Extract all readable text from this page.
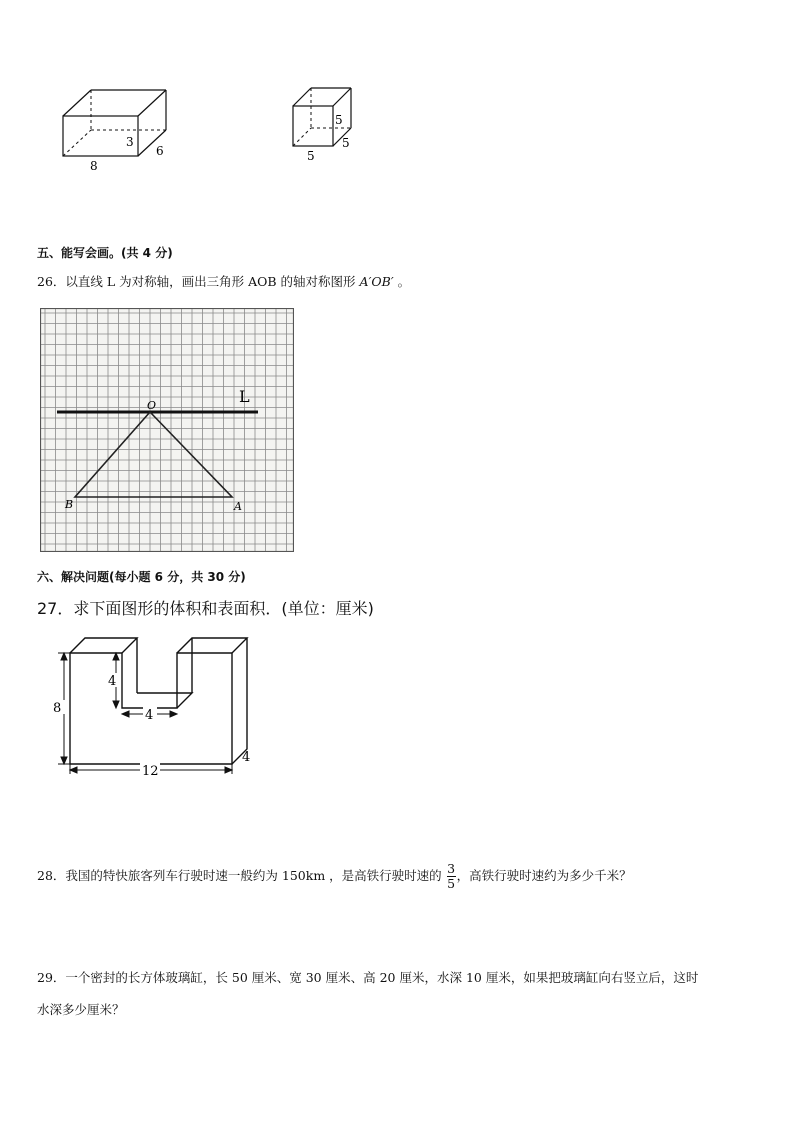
3
6
8
5
5
5
五、能写会画。(共 4 分)
26．以直线 L 为对称轴，画出三角形 AOB 的轴对称图形 A′OB′ 。
L
O
B	A
六、解决问题(每小题 6 分，共 30 分)
27．求下面图形的体积和表面积．(单位：厘米)
8
4
4
12
4
28．我国的特快旅客列车行驶时速一般约为 150km ，是高铁行驶时速的 $\frac{3}{5}$ ，高铁行驶时速约为多少千米？
29．一个密封的长方体玻璃缸，长 50 厘米、宽 30 厘米、高 20 厘米，水深 10 厘米，如果把玻璃缸向右竖立后，这时
水深多少厘米？
